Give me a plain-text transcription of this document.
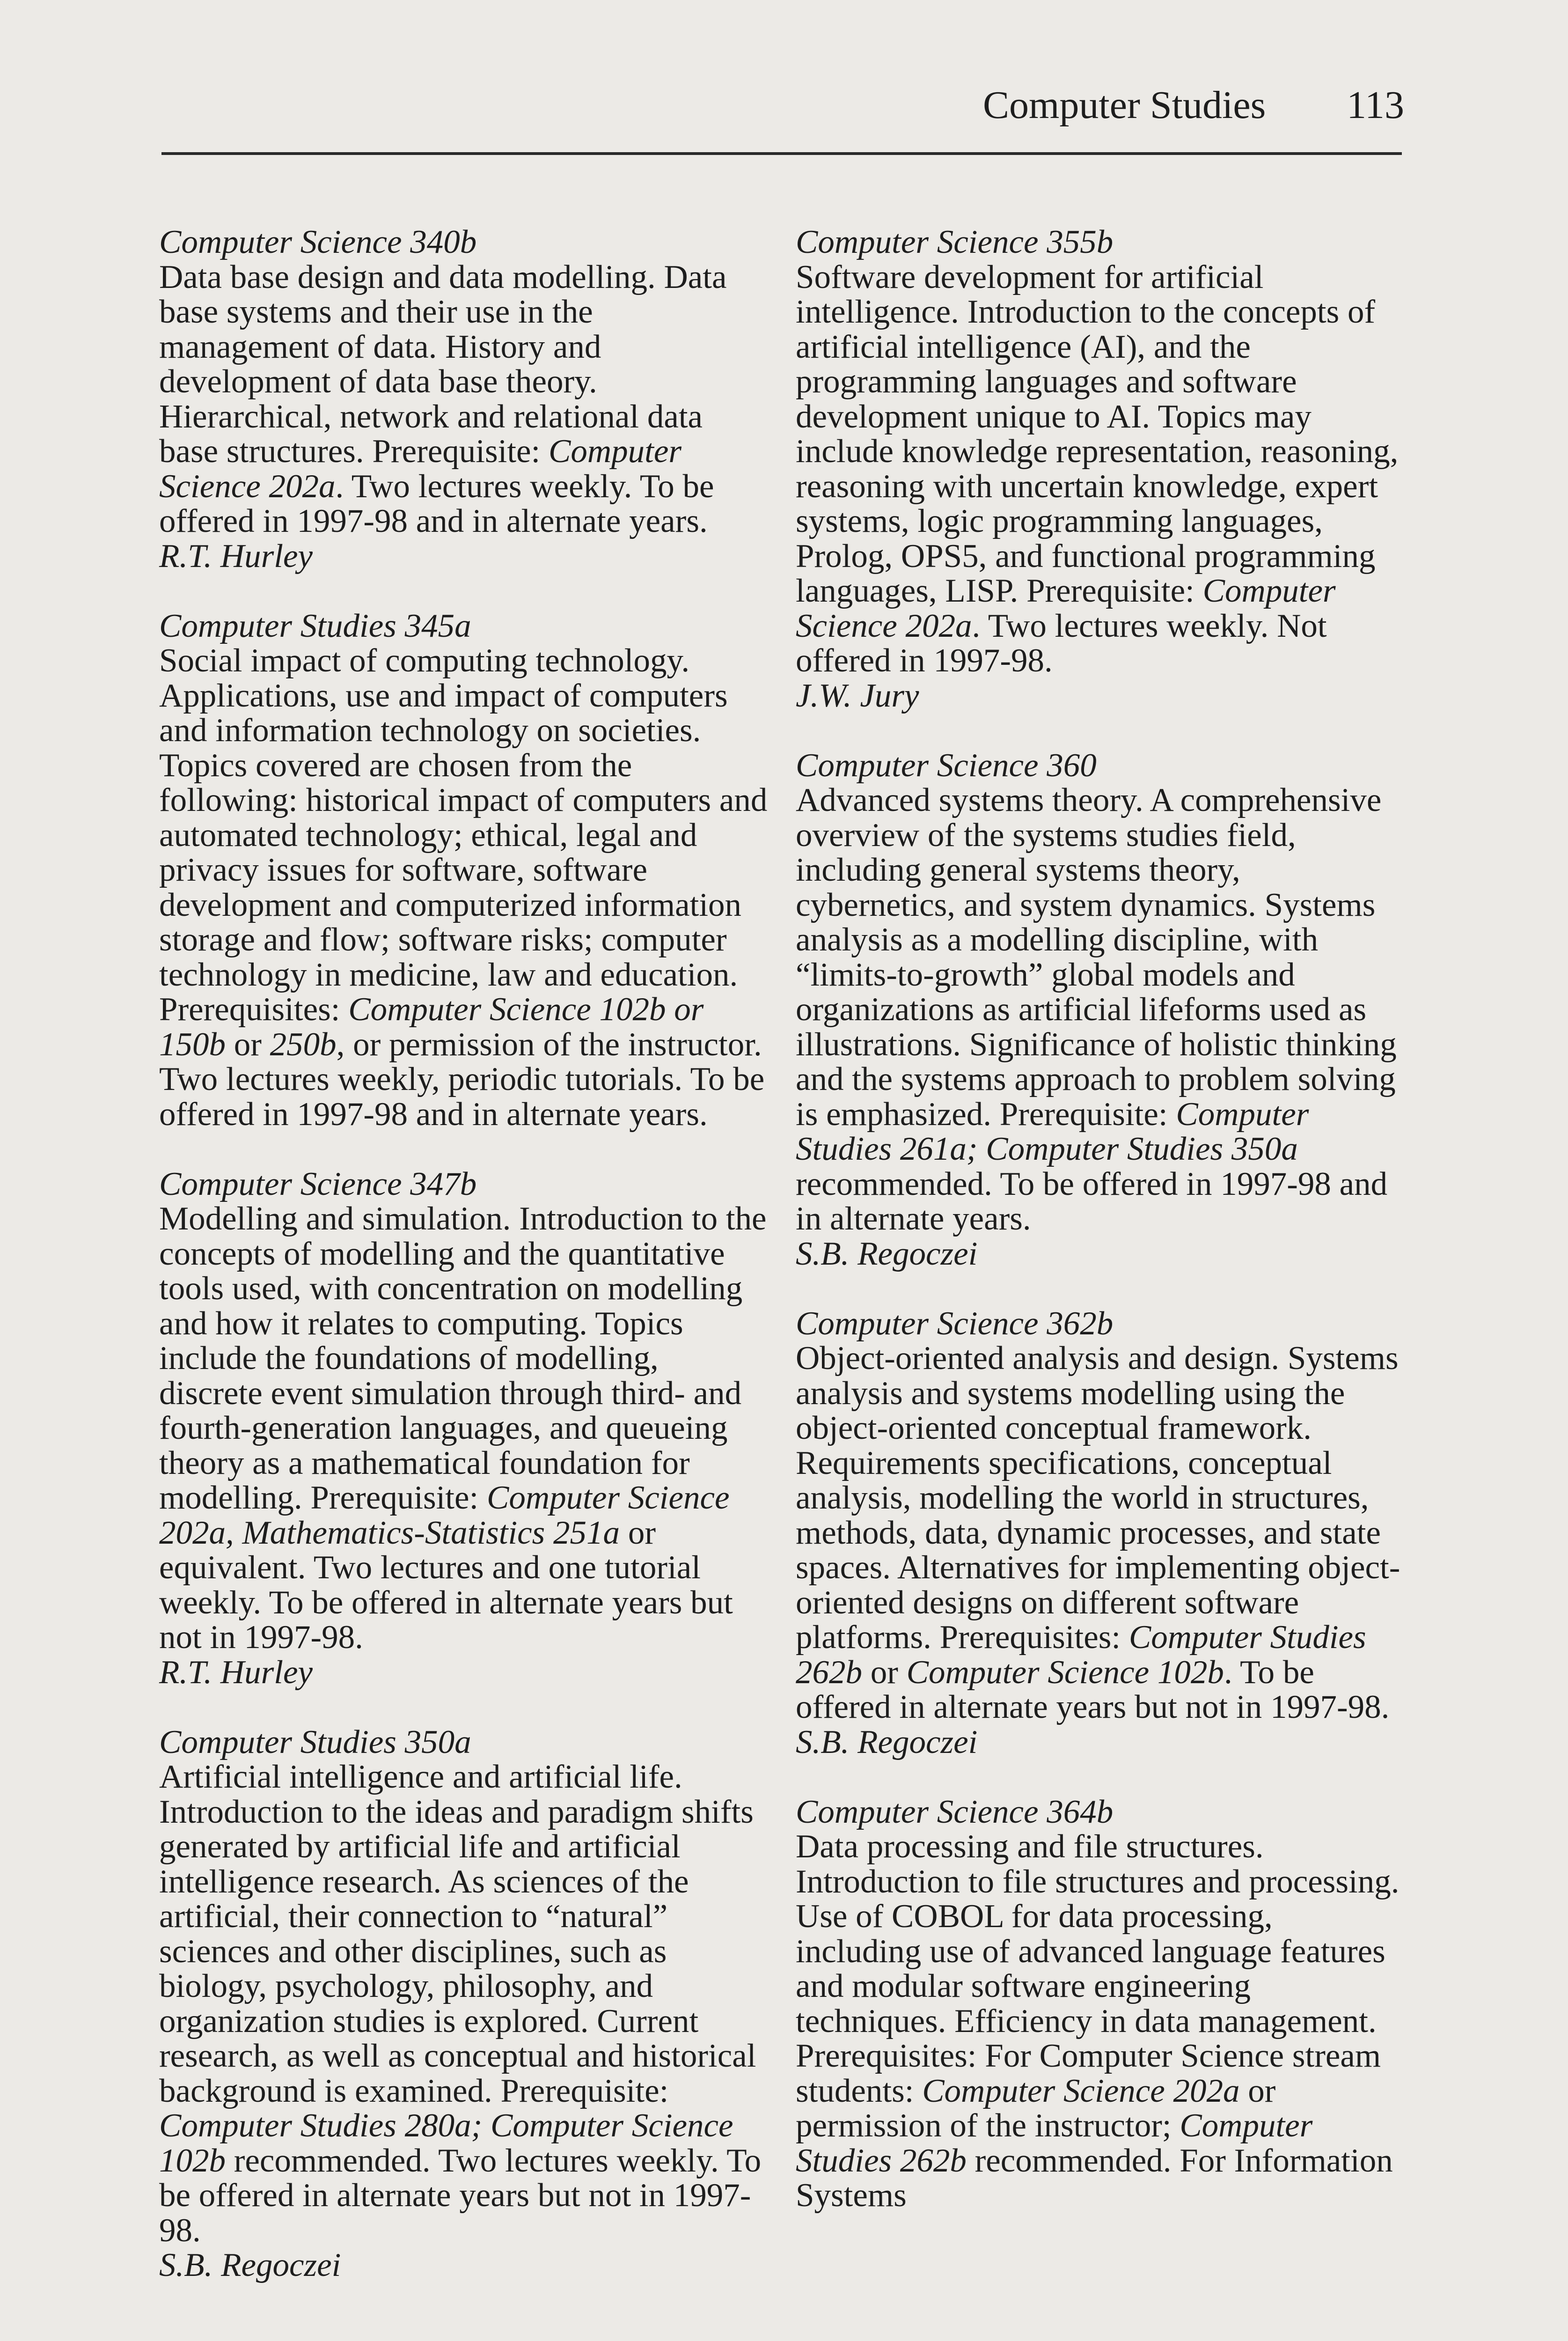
Computer Studies 113
Computer Science 340b
Data base design and data modelling. Data base systems and their use in the management of data. History and development of data base theory. Hierarchical, network and relational data base structures. Prerequisite: Computer Science 202a. Two lectures weekly. To be offered in 1997-98 and in alternate years.
R.T. Hurley
Computer Studies 345a
Social impact of computing technology. Applications, use and impact of computers and information technology on societies. Topics covered are chosen from the following: historical impact of computers and automated technology; ethical, legal and privacy issues for software, software development and computerized information storage and flow; software risks; computer technology in medicine, law and education. Prerequisites: Computer Science 102b or 150b or 250b, or permission of the instructor. Two lectures weekly, periodic tutorials. To be offered in 1997-98 and in alternate years.
Computer Science 347b
Modelling and simulation. Introduction to the concepts of modelling and the quantitative tools used, with concentration on modelling and how it relates to computing. Topics include the foundations of modelling, discrete event simulation through third- and fourth-generation languages, and queueing theory as a mathematical foundation for modelling. Prerequisite: Computer Science 202a, Mathematics-Statistics 251a or equivalent. Two lectures and one tutorial weekly. To be offered in alternate years but not in 1997-98.
R.T. Hurley
Computer Studies 350a
Artificial intelligence and artificial life. Introduction to the ideas and paradigm shifts generated by artificial life and artificial intelligence research. As sciences of the artificial, their connection to “natural” sciences and other disciplines, such as biology, psychology, philosophy, and organization studies is explored. Current research, as well as conceptual and historical background is examined. Prerequisite: Computer Studies 280a; Computer Science 102b recommended. Two lectures weekly. To be offered in alternate years but not in 1997-98.
S.B. Regoczei
Computer Science 355b
Software development for artificial intelligence. Introduction to the concepts of artificial intelligence (AI), and the programming languages and software development unique to AI. Topics may include knowledge representation, reasoning, reasoning with uncertain knowledge, expert systems, logic programming languages, Prolog, OPS5, and functional programming languages, LISP. Prerequisite: Computer Science 202a. Two lectures weekly. Not offered in 1997-98.
J.W. Jury
Computer Science 360
Advanced systems theory. A comprehensive overview of the systems studies field, including general systems theory, cybernetics, and system dynamics. Systems analysis as a modelling discipline, with “limits-to-growth” global models and organizations as artificial lifeforms used as illustrations. Significance of holistic thinking and the systems approach to problem solving is emphasized. Prerequisite: Computer Studies 261a; Computer Studies 350a recommended. To be offered in 1997-98 and in alternate years.
S.B. Regoczei
Computer Science 362b
Object-oriented analysis and design. Systems analysis and systems modelling using the object-oriented conceptual framework. Requirements specifications, conceptual analysis, modelling the world in structures, methods, data, dynamic processes, and state spaces. Alternatives for implementing object-oriented designs on different software platforms. Prerequisites: Computer Studies 262b or Computer Science 102b. To be offered in alternate years but not in 1997-98.
S.B. Regoczei
Computer Science 364b
Data processing and file structures. Introduction to file structures and processing. Use of COBOL for data processing, including use of advanced language features and modular software engineering techniques. Efficiency in data management. Prerequisites: For Computer Science stream students: Computer Science 202a or permission of the instructor; Computer Studies 262b recommended. For Information Systems
